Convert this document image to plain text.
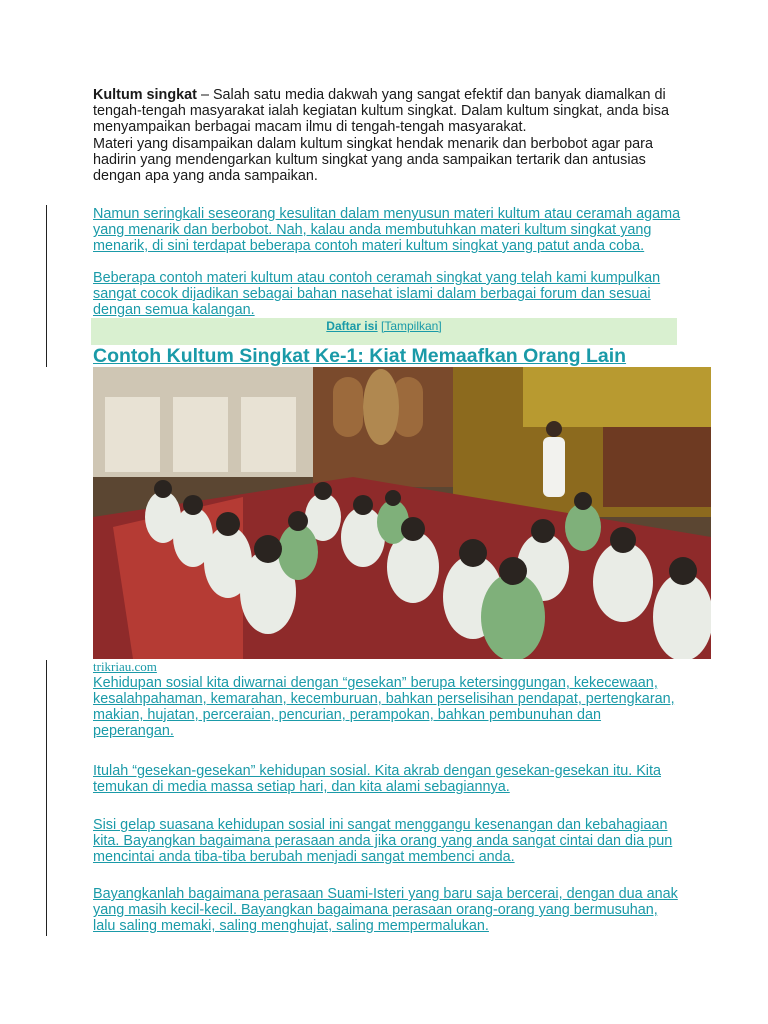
Kultum singkat – Salah satu media dakwah yang sangat efektif dan banyak diamalkan di tengah-tengah masyarakat ialah kegiatan kultum singkat. Dalam kultum singkat, anda bisa menyampaikan berbagai macam ilmu di tengah-tengah masyarakat.

Materi yang disampaikan dalam kultum singkat hendak menarik dan berbobot agar para hadirin yang mendengarkan kultum singkat yang anda sampaikan tertarik dan antusias dengan apa yang anda sampaikan.

Namun seringkali seseorang kesulitan dalam menyusun materi kultum atau ceramah agama yang menarik dan berbobot. Nah, kalau anda membutuhkan materi kultum singkat yang menarik, di sini terdapat beberapa contoh materi kultum singkat yang patut anda coba.

Beberapa contoh materi kultum atau contoh ceramah singkat yang telah kami kumpulkan sangat cocok dijadikan sebagai bahan nasehat islami dalam berbagai forum dan sesuai dengan semua kalangan.

Daftar isi [Tampilkan]
Contoh Kultum Singkat Ke-1: Kiat Memaafkan Orang Lain

trikriau.com

Kehidupan sosial kita diwarnai dengan “gesekan” berupa ketersinggungan, kekecewaan, kesalahpahaman, kemarahan, kecemburuan, bahkan perselisihan pendapat, pertengkaran, makian, hujatan, perceraian, pencurian, perampokan, bahkan pembunuhan dan peperangan.

Itulah “gesekan-gesekan” kehidupan sosial. Kita akrab dengan gesekan-gesekan itu. Kita temukan di media massa setiap hari, dan kita alami sebagiannya.

Sisi gelap suasana kehidupan sosial ini sangat menggangu kesenangan dan kebahagiaan kita. Bayangkan bagaimana perasaan anda jika orang yang anda sangat cintai dan dia pun mencintai anda tiba-tiba berubah menjadi sangat membenci anda.

Bayangkanlah bagaimana perasaan Suami-Isteri yang baru saja bercerai, dengan dua anak yang masih kecil-kecil. Bayangkan bagaimana perasaan orang-orang yang bermusuhan, lalu saling memaki, saling menghujat, saling mempermalukan.
